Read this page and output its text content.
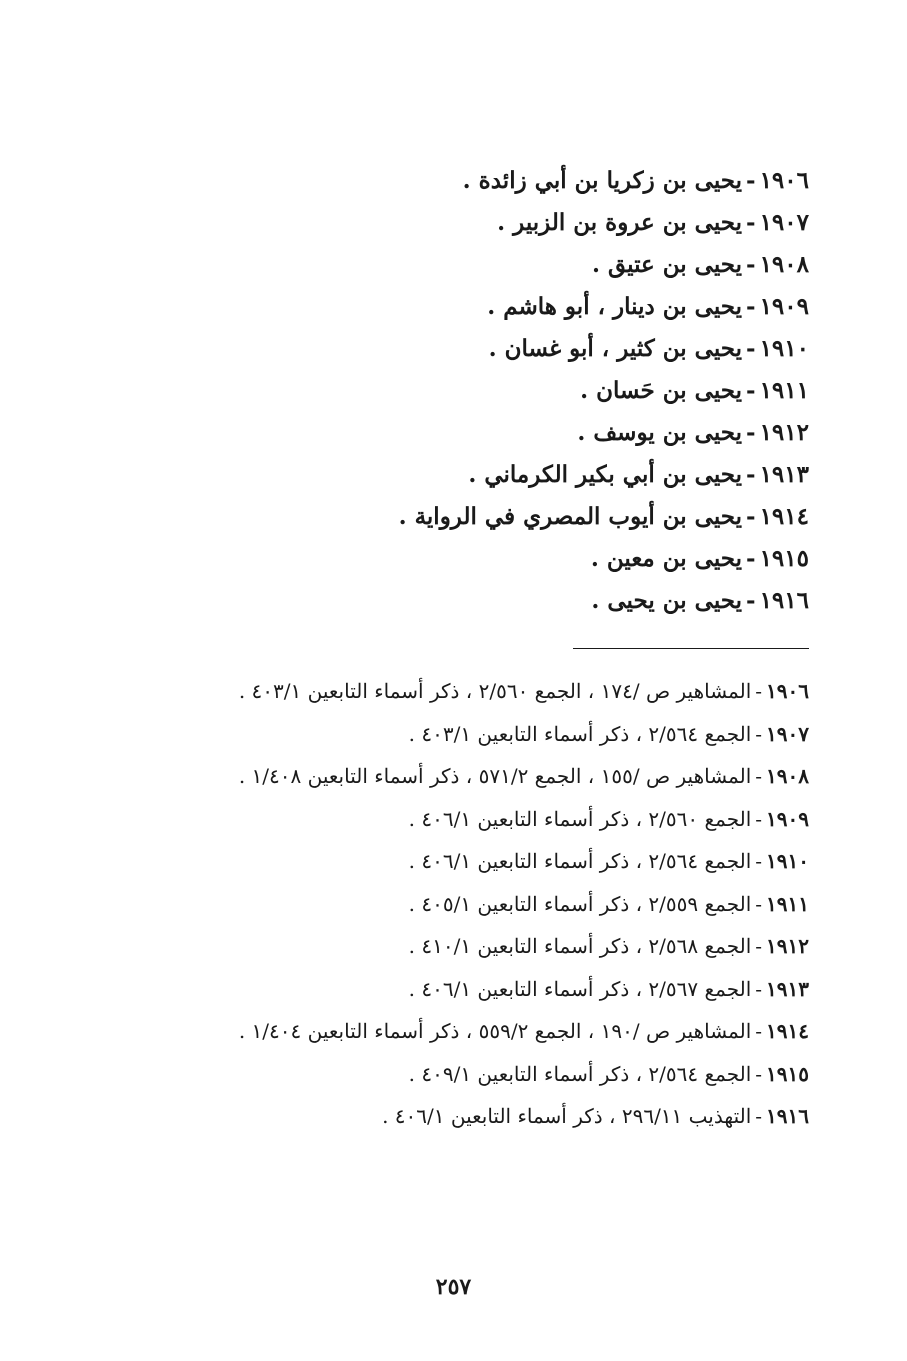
١٩٠٦-يحيى بن زكريا بن أبي زائدة .
١٩٠٧-يحيى بن عروة بن الزبير .
١٩٠٨-يحيى بن عتيق .
١٩٠٩-يحيى بن دينار ، أبو هاشم .
١٩١٠-يحيى بن كثير ، أبو غسان .
١٩١١-يحيى بن حَسان .
١٩١٢-يحيى بن يوسف .
١٩١٣-يحيى بن أبي بكير الكرماني .
١٩١٤-يحيى بن أيوب المصري في الرواية .
١٩١٥-يحيى بن معين .
١٩١٦-يحيى بن يحيى .
١٩٠٦-المشاهير ص /١٧٤ ، الجمع ٢/٥٦٠ ، ذكر أسماء التابعين ٤٠٣/١ .
١٩٠٧-الجمع ٢/٥٦٤ ، ذكر أسماء التابعين ٤٠٣/١ .
١٩٠٨-المشاهير ص /١٥٥ ، الجمع ٥٧١/٢ ، ذكر أسماء التابعين ١/٤٠٨ .
١٩٠٩-الجمع ٢/٥٦٠ ، ذكر أسماء التابعين ٤٠٦/١ .
١٩١٠-الجمع ٢/٥٦٤ ، ذكر أسماء التابعين ٤٠٦/١ .
١٩١١-الجمع ٢/٥٥٩ ، ذكر أسماء التابعين ٤٠٥/١ .
١٩١٢-الجمع ٢/٥٦٨ ، ذكر أسماء التابعين ٤١٠/١ .
١٩١٣-الجمع ٢/٥٦٧ ، ذكر أسماء التابعين ٤٠٦/١ .
١٩١٤-المشاهير ص /١٩٠ ، الجمع ٥٥٩/٢ ، ذكر أسماء التابعين ١/٤٠٤ .
١٩١٥-الجمع ٢/٥٦٤ ، ذكر أسماء التابعين ٤٠٩/١ .
١٩١٦-التهذيب ٢٩٦/١١ ، ذكر أسماء التابعين ٤٠٦/١ .
٢٥٧
